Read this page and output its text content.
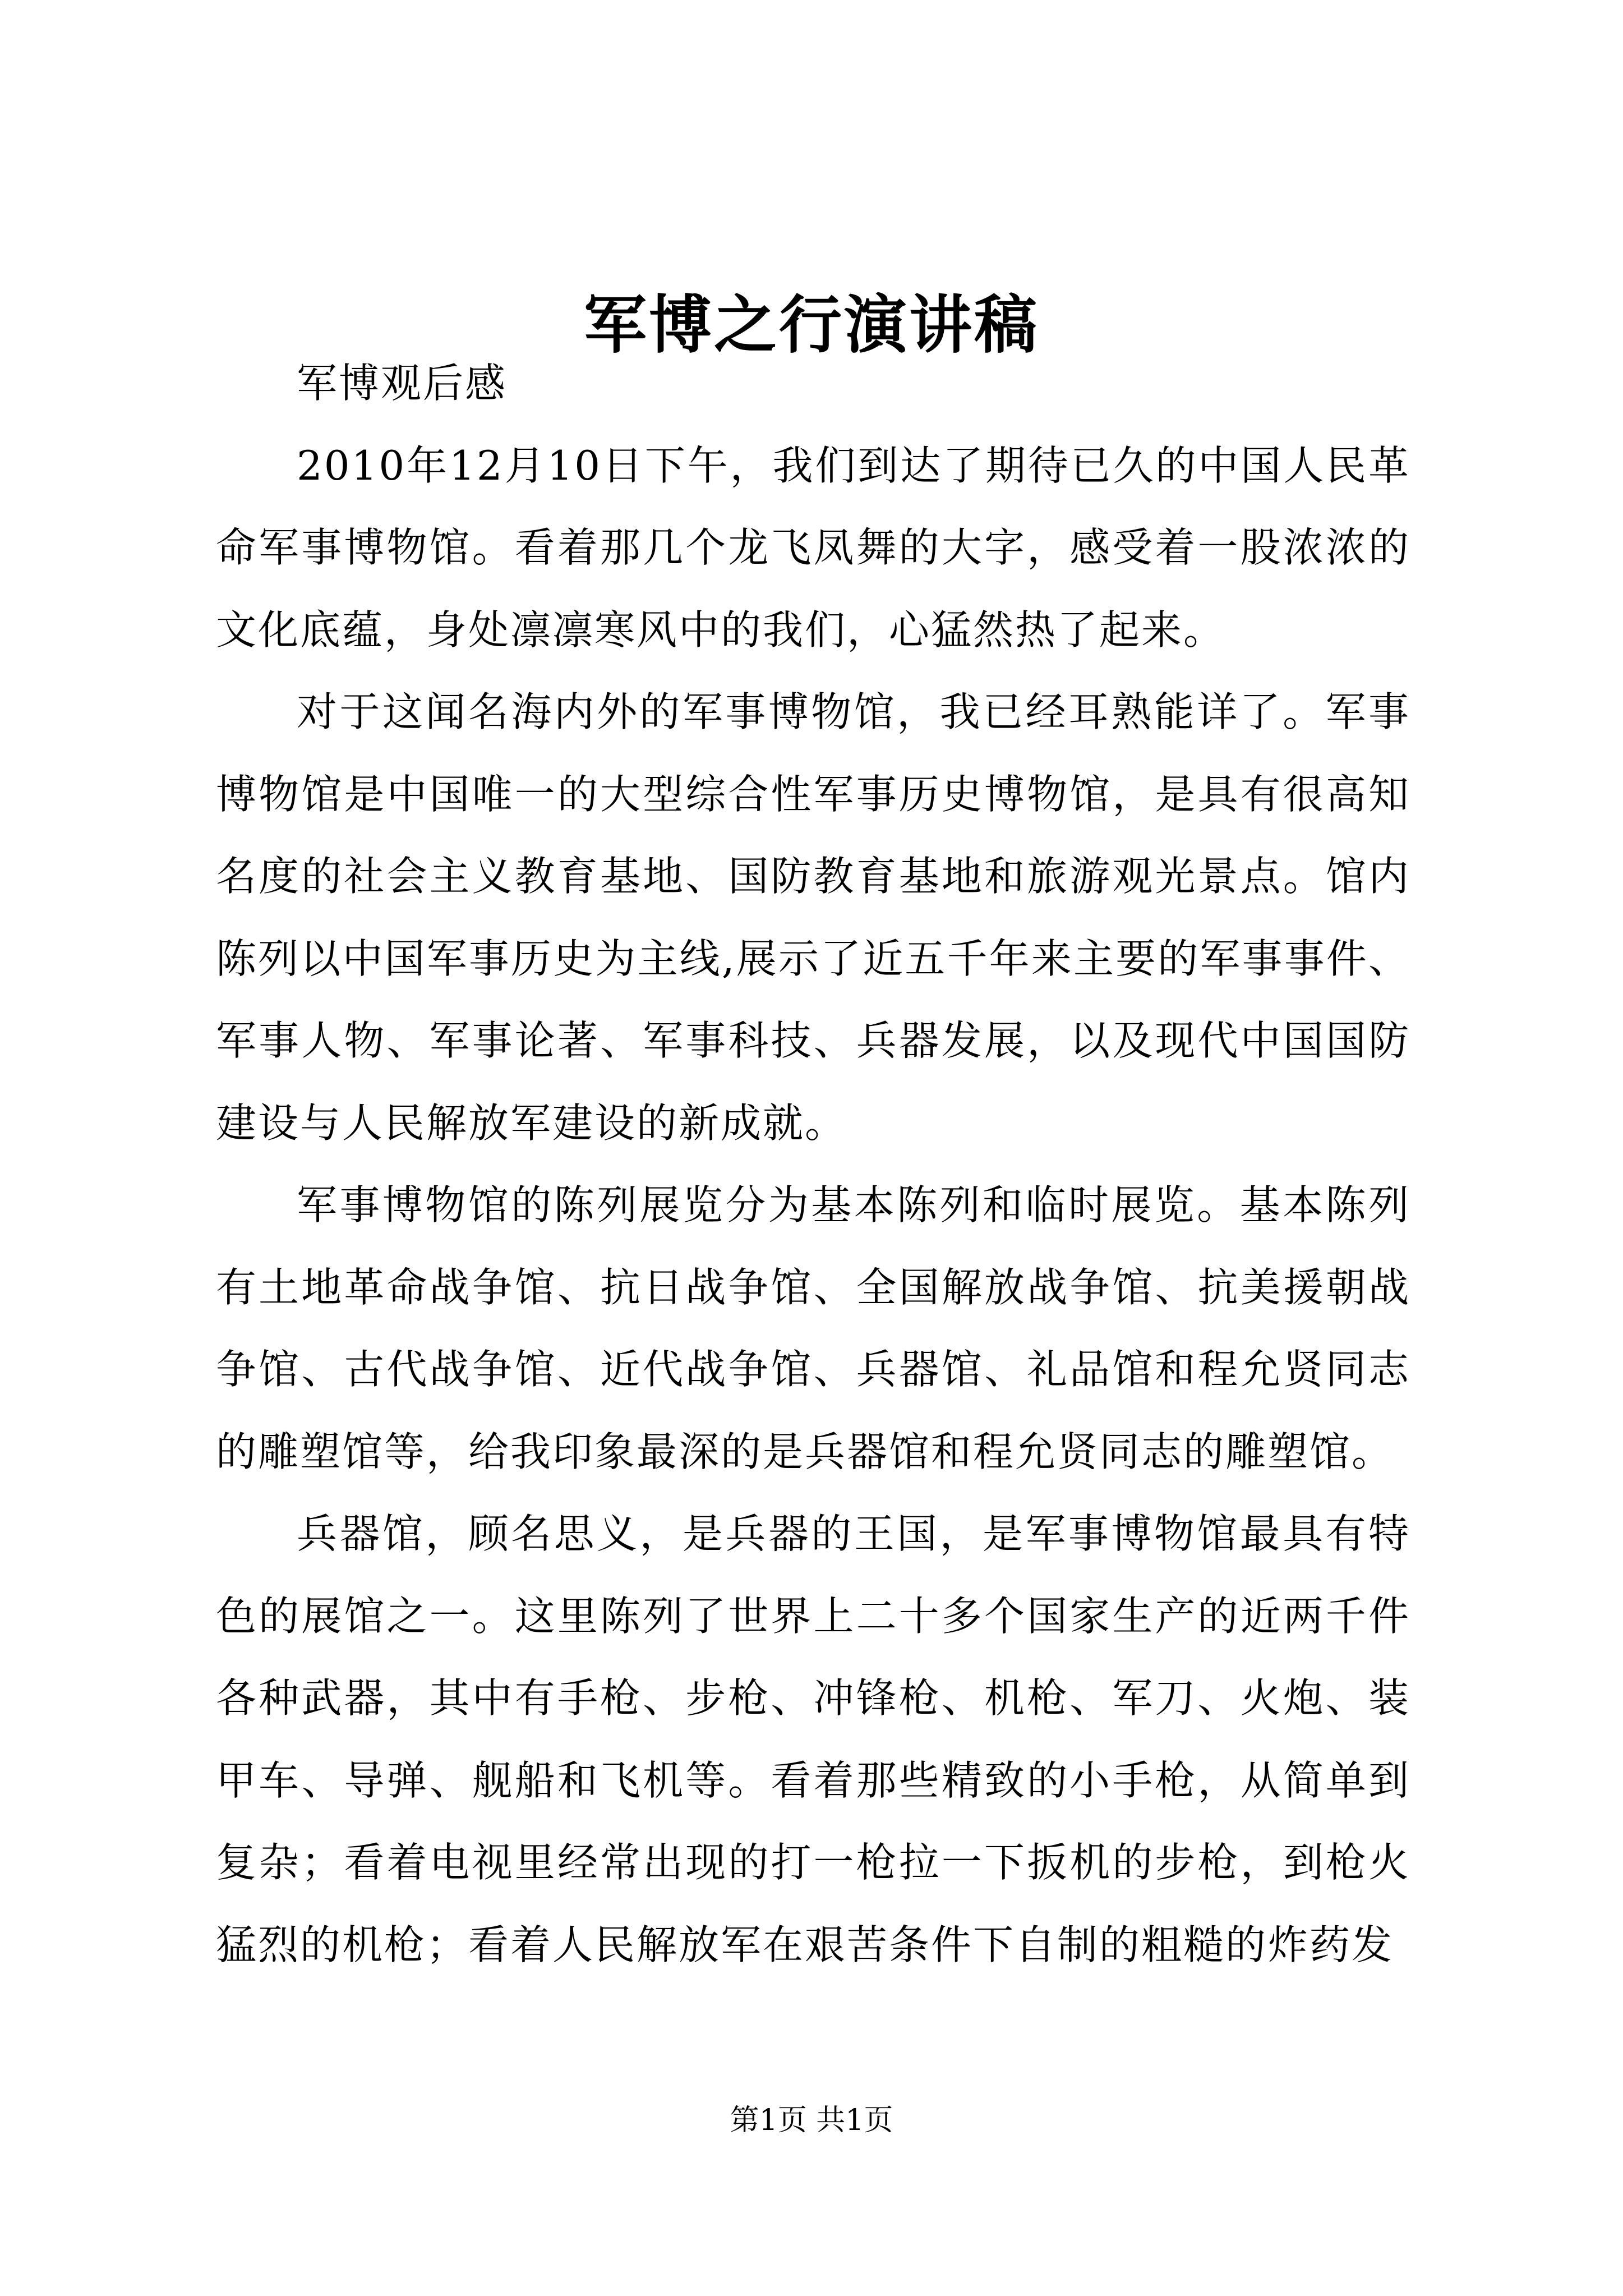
军博之行演讲稿

军博观后感

2010年12月10日下午，我们到达了期待已久的中国人民革命军事博物馆。看着那几个龙飞凤舞的大字，感受着一股浓浓的文化底蕴，身处凛凛寒风中的我们，心猛然热了起来。

对于这闻名海内外的军事博物馆，我已经耳熟能详了。军事博物馆是中国唯一的大型综合性军事历史博物馆，是具有很高知名度的社会主义教育基地、国防教育基地和旅游观光景点。馆内陈列以中国军事历史为主线,展示了近五千年来主要的军事事件、军事人物、军事论著、军事科技、兵器发展，以及现代中国国防建设与人民解放军建设的新成就。

军事博物馆的陈列展览分为基本陈列和临时展览。基本陈列有土地革命战争馆、抗日战争馆、全国解放战争馆、抗美援朝战争馆、古代战争馆、近代战争馆、兵器馆、礼品馆和程允贤同志的雕塑馆等，给我印象最深的是兵器馆和程允贤同志的雕塑馆。

兵器馆，顾名思义，是兵器的王国，是军事博物馆最具有特色的展馆之一。这里陈列了世界上二十多个国家生产的近两千件各种武器，其中有手枪、步枪、冲锋枪、机枪、军刀、火炮、装甲车、导弹、舰船和飞机等。看着那些精致的小手枪，从简单到复杂；看着电视里经常出现的打一枪拉一下扳机的步枪，到枪火猛烈的机枪；看着人民解放军在艰苦条件下自制的粗糙的炸药发

第1页 共1页
